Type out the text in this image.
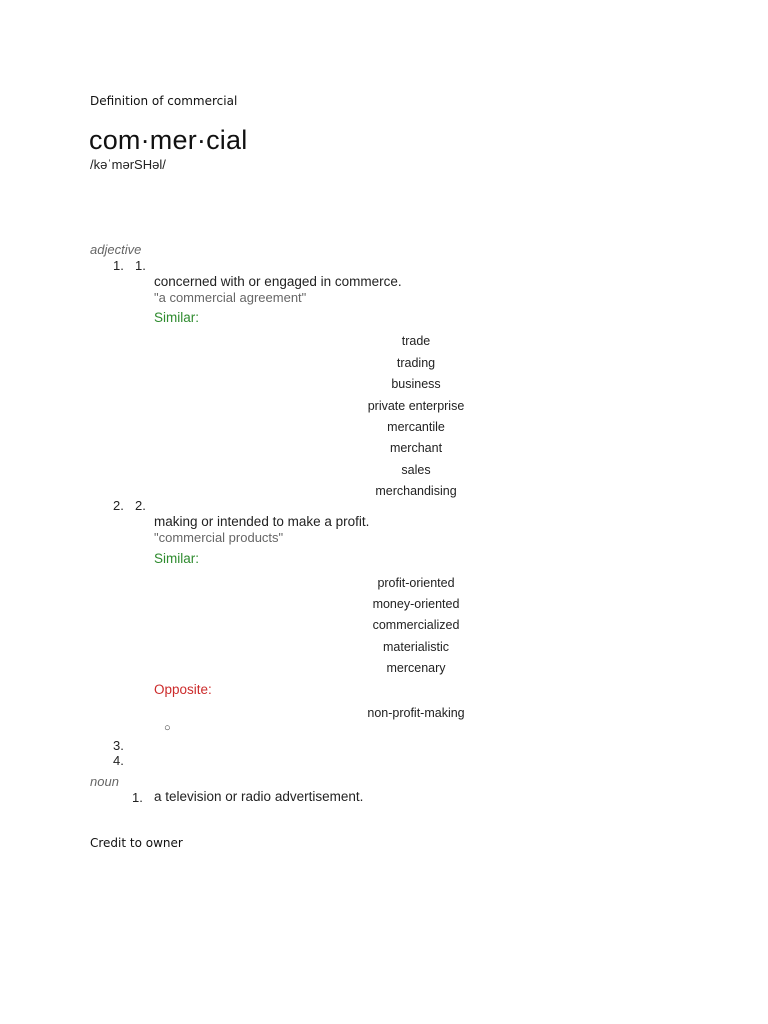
Definition of commercial
com·mer·cial
/kəˈmərSHəl/
adjective
1. 1.
concerned with or engaged in commerce.
"a commercial agreement"
Similar:
trade
trading
business
private enterprise
mercantile
merchant
sales
merchandising
2. 2.
making or intended to make a profit.
"commercial products"
Similar:
profit-oriented
money-oriented
commercialized
materialistic
mercenary
Opposite:
non-profit-making
○
3.
4.
noun
1. a television or radio advertisement.
Credit to owner
